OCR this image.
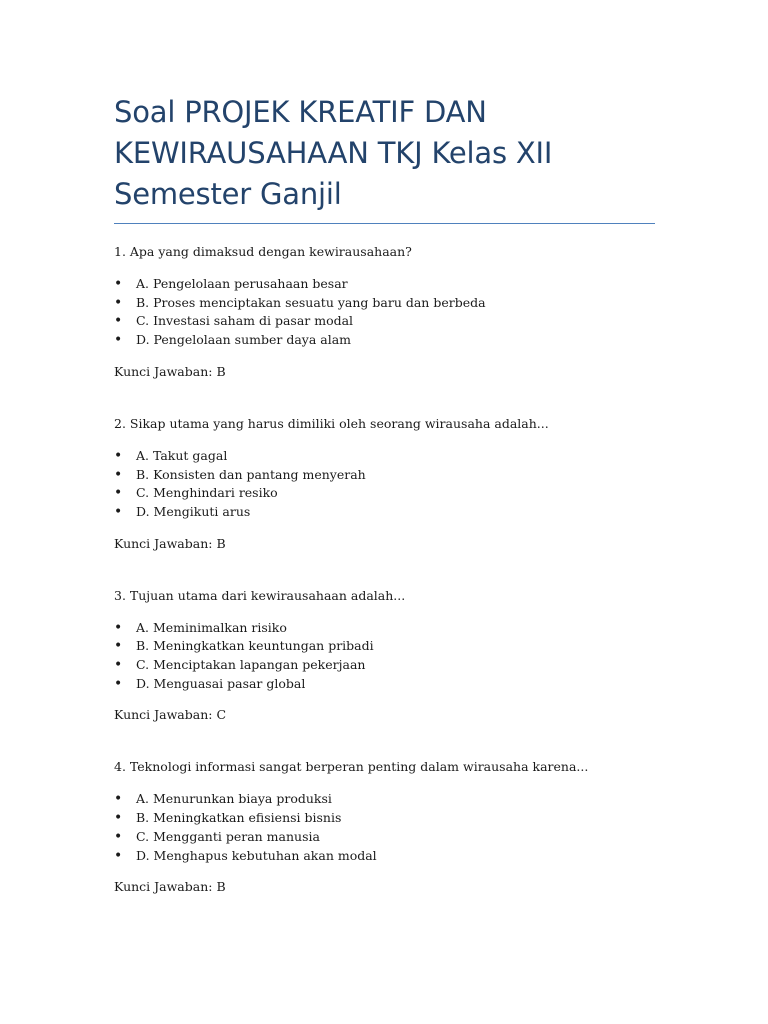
Soal PROJEK KREATIF DAN
KEWIRAUSAHAAN TKJ Kelas XII
Semester Ganjil

1. Apa yang dimaksud dengan kewirausahaan?

• A. Pengelolaan perusahaan besar
• B. Proses menciptakan sesuatu yang baru dan berbeda
• C. Investasi saham di pasar modal
• D. Pengelolaan sumber daya alam

Kunci Jawaban: B

2. Sikap utama yang harus dimiliki oleh seorang wirausaha adalah...

• A. Takut gagal
• B. Konsisten dan pantang menyerah
• C. Menghindari resiko
• D. Mengikuti arus

Kunci Jawaban: B

3. Tujuan utama dari kewirausahaan adalah...

• A. Meminimalkan risiko
• B. Meningkatkan keuntungan pribadi
• C. Menciptakan lapangan pekerjaan
• D. Menguasai pasar global

Kunci Jawaban: C

4. Teknologi informasi sangat berperan penting dalam wirausaha karena...

• A. Menurunkan biaya produksi
• B. Meningkatkan efisiensi bisnis
• C. Mengganti peran manusia
• D. Menghapus kebutuhan akan modal

Kunci Jawaban: B
